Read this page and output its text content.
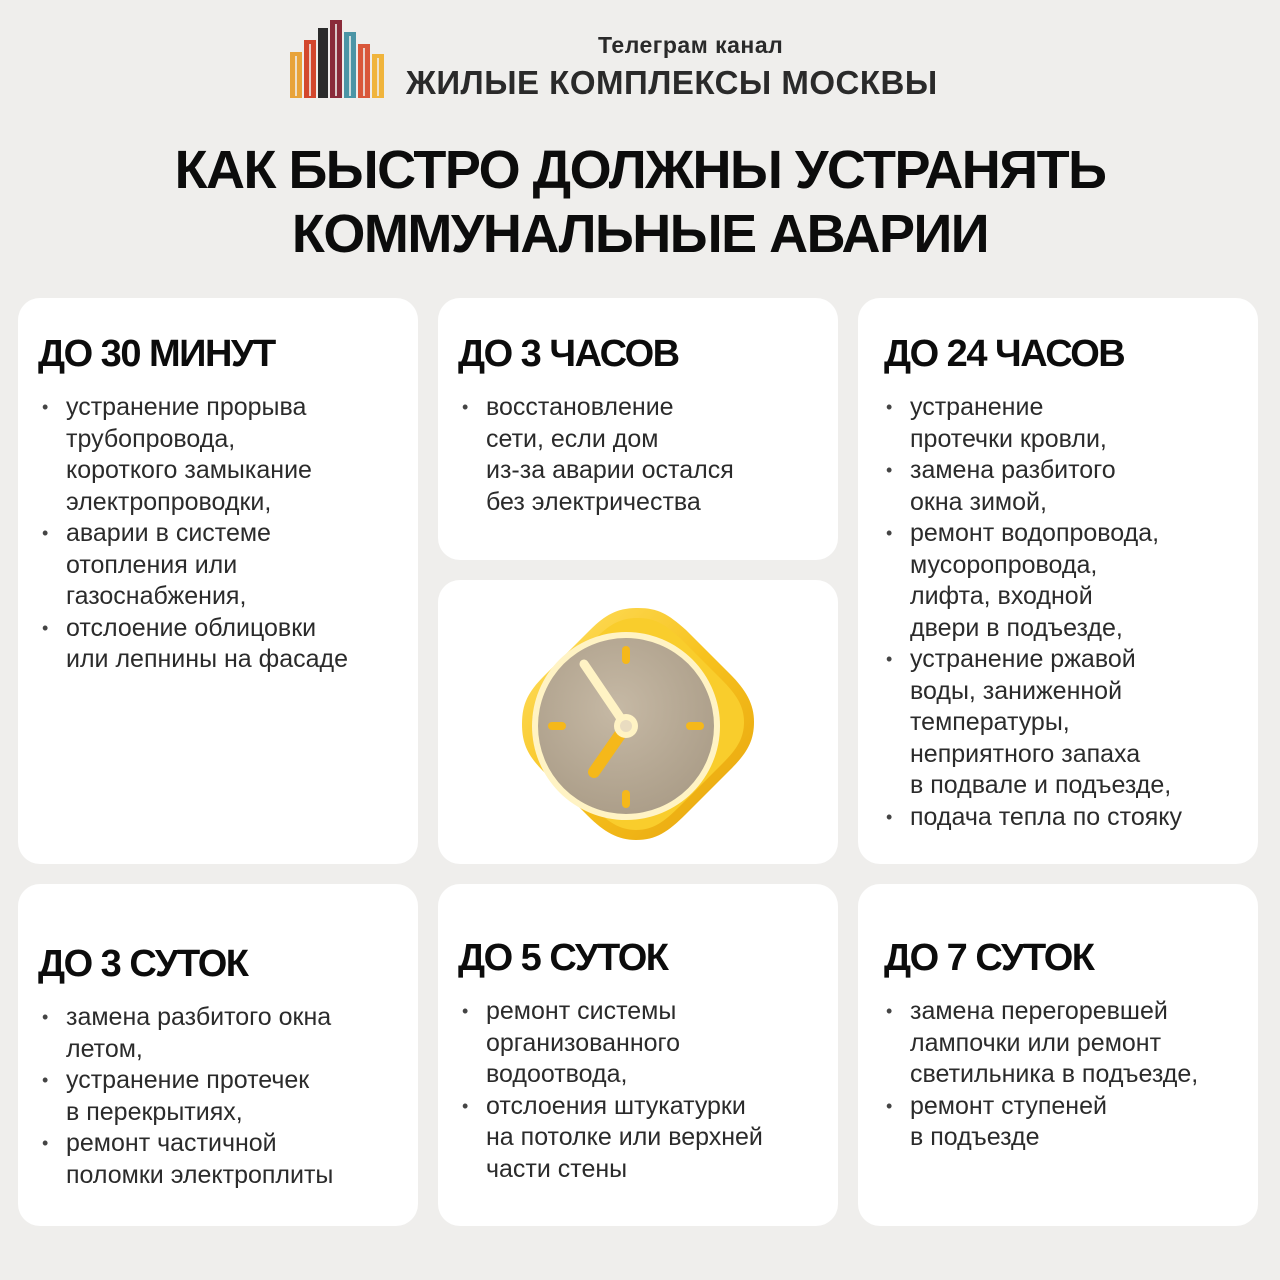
Телеграм канал
ЖИЛЫЕ КОМПЛЕКСЫ МОСКВЫ
КАК БЫСТРО ДОЛЖНЫ УСТРАНЯТЬ
КОММУНАЛЬНЫЕ АВАРИИ
ДО 30 МИНУТ
• устранение прорыва
трубопровода,
короткого замыкание
электропроводки,
• аварии в системе
отопления или
газоснабжения,
• отслоение облицовки
или лепнины на фасаде
ДО 3 ЧАСОВ
• восстановление
сети, если дом
из-за аварии остался
без электричества
ДО 24 ЧАСОВ
• устранение
протечки кровли,
• замена разбитого
окна зимой,
• ремонт водопровода,
мусоропровода,
лифта, входной
двери в подъезде,
• устранение ржавой
воды, заниженной
температуры,
неприятного запаха
в подвале и подъезде,
• подача тепла по стояку
ДО 3 СУТОК
• замена разбитого окна
летом,
• устранение протечек
в перекрытиях,
• ремонт частичной
поломки электроплиты
ДО 5 СУТОК
• ремонт системы
организованного
водоотвода,
• отслоения штукатурки
на потолке или верхней
части стены
ДО 7 СУТОК
• замена перегоревшей
лампочки или ремонт
светильника в подъезде,
• ремонт ступеней
в подъезде
